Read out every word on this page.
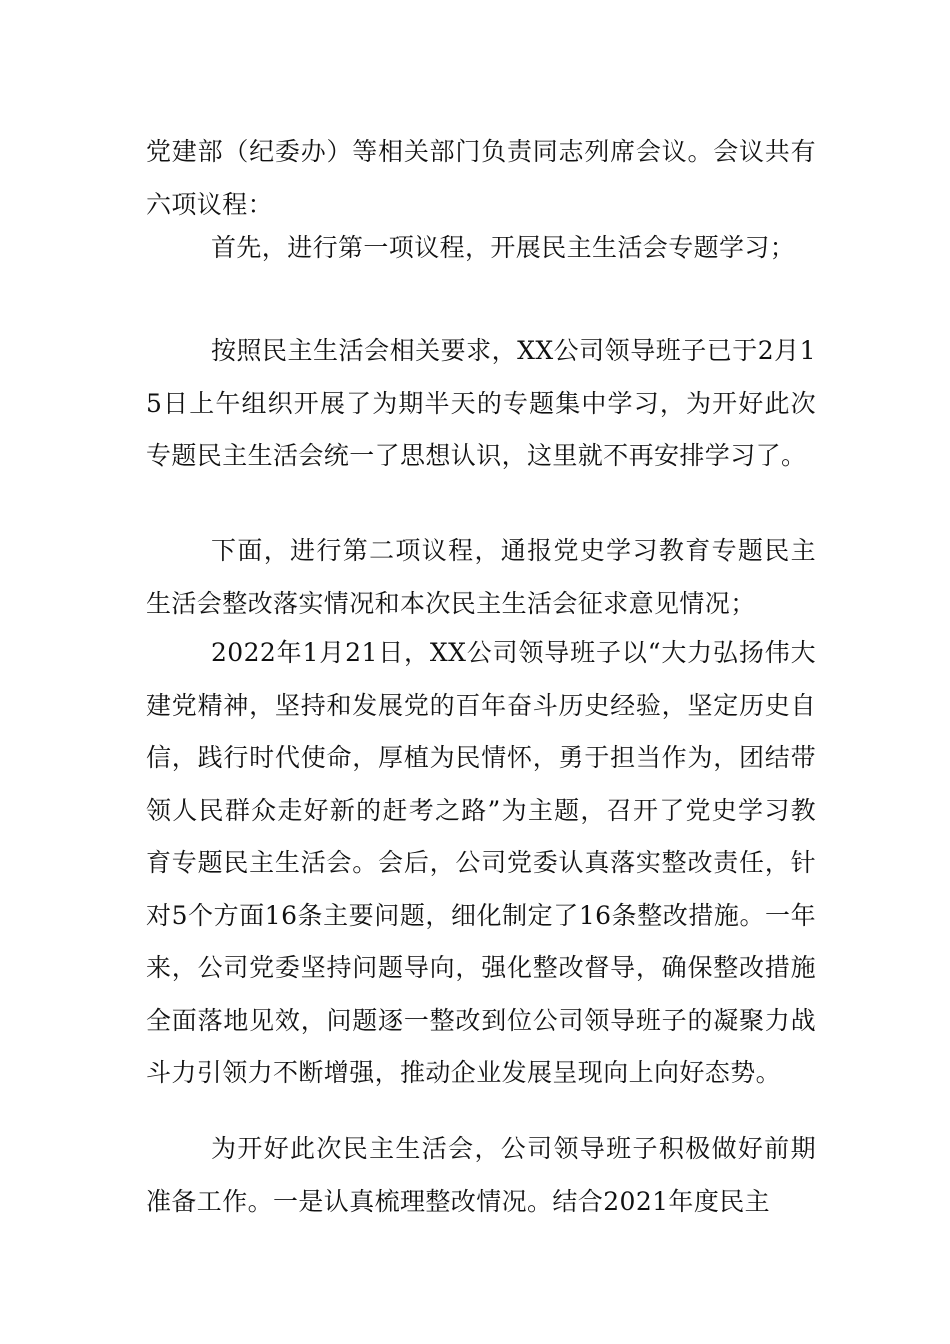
党建部（纪委办）等相关部门负责同志列席会议。会议共有六项议程：

首先，进行第一项议程，开展民主生活会专题学习；

按照民主生活会相关要求，XX公司领导班子已于2月15日上午组织开展了为期半天的专题集中学习，为开好此次专题民主生活会统一了思想认识，这里就不再安排学习了。

下面，进行第二项议程，通报党史学习教育专题民主生活会整改落实情况和本次民主生活会征求意见情况；

2022年1月21日，XX公司领导班子以“大力弘扬伟大建党精神，坚持和发展党的百年奋斗历史经验，坚定历史自信，践行时代使命，厚植为民情怀，勇于担当作为，团结带领人民群众走好新的赶考之路”为主题，召开了党史学习教育专题民主生活会。会后，公司党委认真落实整改责任，针对5个方面16条主要问题，细化制定了16条整改措施。一年来，公司党委坚持问题导向，强化整改督导，确保整改措施全面落地见效，问题逐一整改到位公司领导班子的凝聚力战斗力引领力不断增强，推动企业发展呈现向上向好态势。

为开好此次民主生活会，公司领导班子积极做好前期准备工作。一是认真梳理整改情况。结合2021年度民主
